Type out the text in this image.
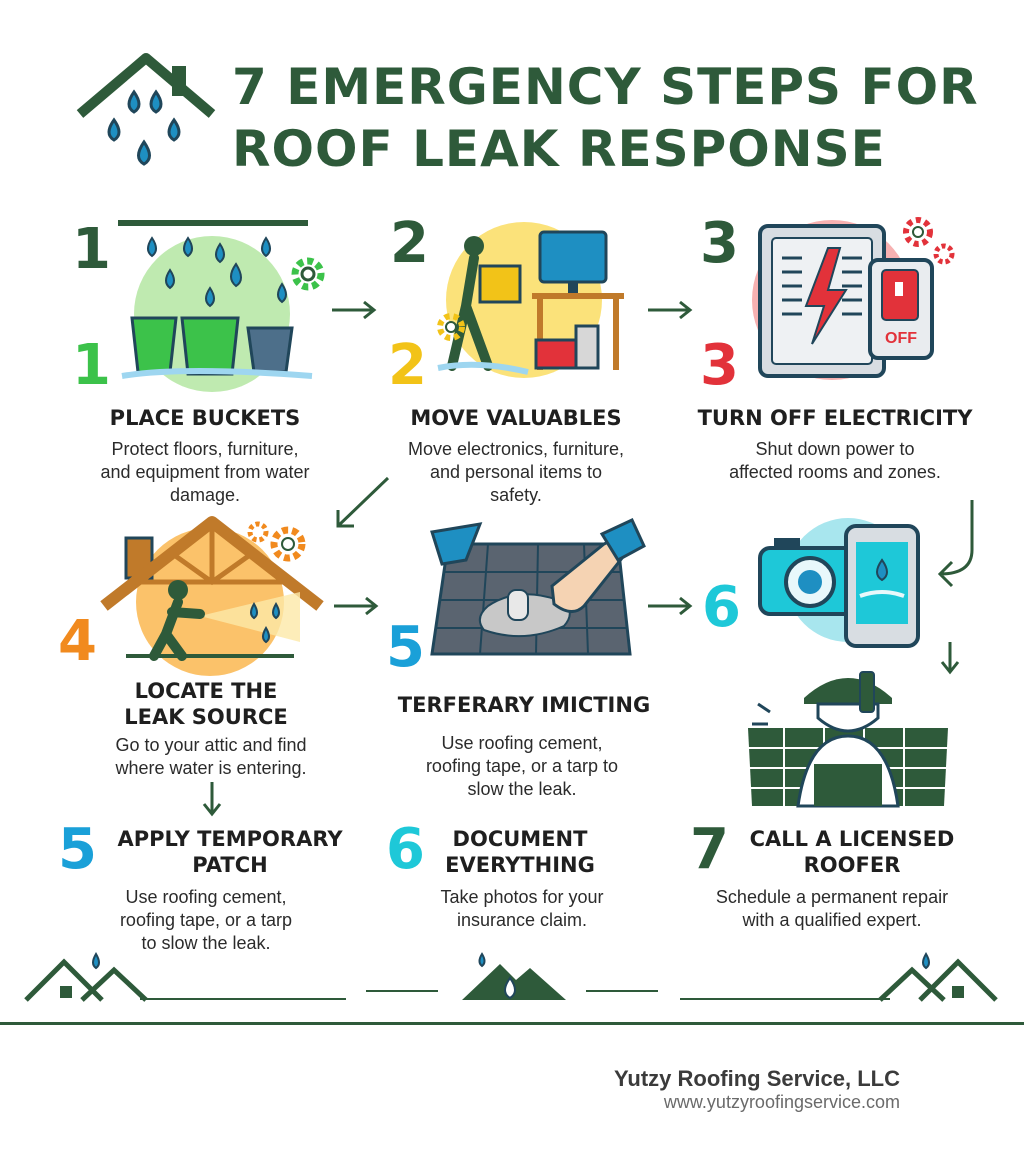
7 EMERGENCY STEPS FOR
ROOF LEAK RESPONSE
1
1
PLACE BUCKETS
Protect floors, furniture,
and equipment from water
damage.
2
2
MOVE VALUABLES
Move electronics, furniture,
and personal items to
safety.
3
3	OFF
TURN OFF ELECTRICITY
Shut down power to
affected rooms and zones.
4
LOCATE THE
LEAK SOURCE
Go to your attic and find
where water is entering.
5
TERFERARY IMICTING
Use roofing cement,
roofing tape, or a tarp to
slow the leak.
6
5 APPLY TEMPORARY
PATCH
Use roofing cement,
roofing tape, or a tarp
to slow the leak.
6	DOCUMENT
EVERYTHING
Take photos for your
insurance claim.
7 CALL A LICENSED
ROOFER
Schedule a permanent repair
with a qualified expert.
Yutzy Roofing Service, LLC
www.yutzyroofingservice.com
